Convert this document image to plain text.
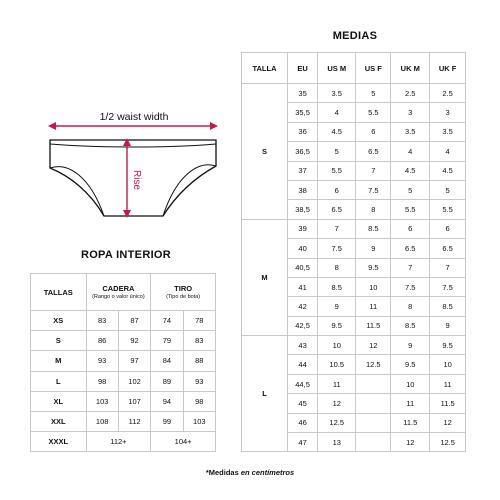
1/2 waist width
Rise
ROPA INTERIOR
TALLAS	CADERA
(Rango o valor único)		TIRO
(Tipo de bota)	

XS	83	87	74	78
S	86	92	79	83
M	93	97	84	88
L	98	102	89	93
XL	103	107	94	98
XXL	108	112	99	103
XXXL	112+		104+	
MEDIAS
TALLA	EU	US M	US F	UK M	UK F
S	35	3.5	5	2.5	2.5
	35,5	4	5.5	3	3
	36	4.5	6	3.5	3.5
	36,5	5	6.5	4	4
	37	5.5	7	4.5	4.5
	38	6	7.5	5	5
	38,5	6.5	8	5.5	5.5
M	39	7	8.5	6	6
	40	7.5	9	6.5	6.5
	40,5	8	9.5	7	7
	41	8.5	10	7.5	7.5
	42	9	11	8	8.5
	42,5	9.5	11.5	8.5	9
L	43	10	12	9	9.5
	44	10.5	12.5	9.5	10
	44,5	11		10	11
	45	12		11	11.5
	46	12.5		11.5	12
	47	13		12	12.5
*Medidas en centímetros
